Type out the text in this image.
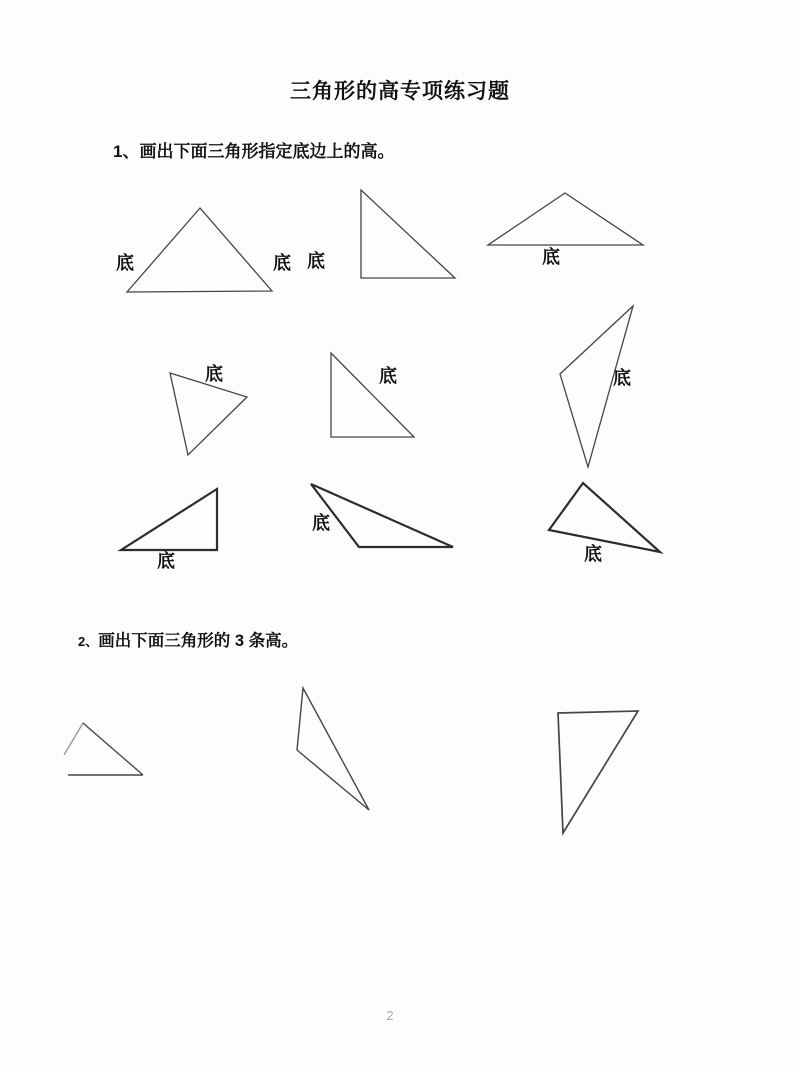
三角形的高专项练习题
1、画出下面三角形指定底边上的高。
底	底 底	底
底	底	底
底
底
底
2、画出下面三角形的 3 条高。
2
